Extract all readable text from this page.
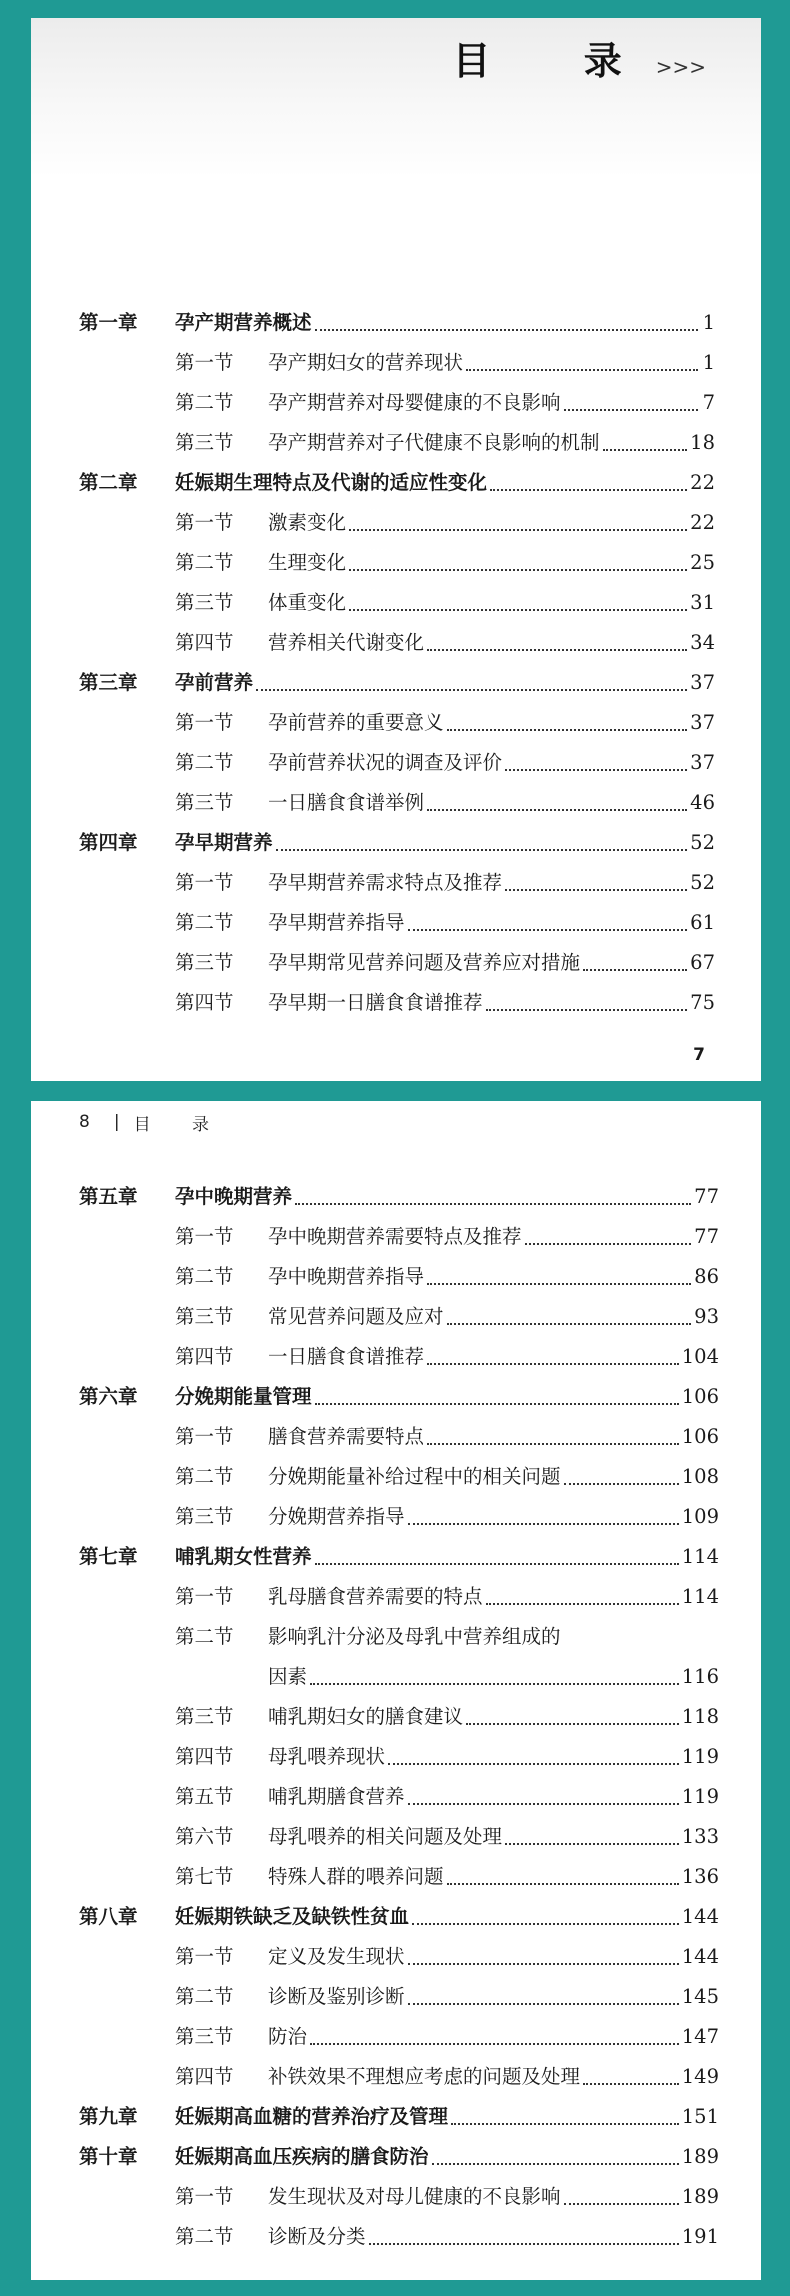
目 录
>>>
第一章	孕产期营养概述	1
第一节	孕产期妇女的营养现状	1
第二节	孕产期营养对母婴健康的不良影响	7
第三节	孕产期营养对子代健康不良影响的机制	18
第二章	妊娠期生理特点及代谢的适应性变化	22
第一节	激素变化	22
第二节	生理变化	25
第三节	体重变化	31
第四节	营养相关代谢变化	34
第三章	孕前营养	37
第一节	孕前营养的重要意义	37
第二节	孕前营养状况的调查及评价	37
第三节	一日膳食食谱举例	46
第四章	孕早期营养	52
第一节	孕早期营养需求特点及推荐	52
第二节	孕早期营养指导	61
第三节	孕早期常见营养问题及营养应对措施	67
第四节	孕早期一日膳食食谱推荐	75
7
8 | 目 录
第五章	孕中晚期营养	77
第一节	孕中晚期营养需要特点及推荐	77
第二节	孕中晚期营养指导	86
第三节	常见营养问题及应对	93
第四节	一日膳食食谱推荐	104
第六章	分娩期能量管理	106
第一节	膳食营养需要特点	106
第二节	分娩期能量补给过程中的相关问题	108
第三节	分娩期营养指导	109
第七章	哺乳期女性营养	114
第一节	乳母膳食营养需要的特点	114
第二节	影响乳汁分泌及母乳中营养组成的
因素	116
第三节	哺乳期妇女的膳食建议	118
第四节	母乳喂养现状	119
第五节	哺乳期膳食营养	119
第六节	母乳喂养的相关问题及处理	133
第七节	特殊人群的喂养问题	136
第八章	妊娠期铁缺乏及缺铁性贫血	144
第一节	定义及发生现状	144
第二节	诊断及鉴别诊断	145
第三节	防治	147
第四节	补铁效果不理想应考虑的问题及处理	149
第九章	妊娠期高血糖的营养治疗及管理	151
第十章	妊娠期高血压疾病的膳食防治	189
第一节	发生现状及对母儿健康的不良影响	189
第二节	诊断及分类	191
